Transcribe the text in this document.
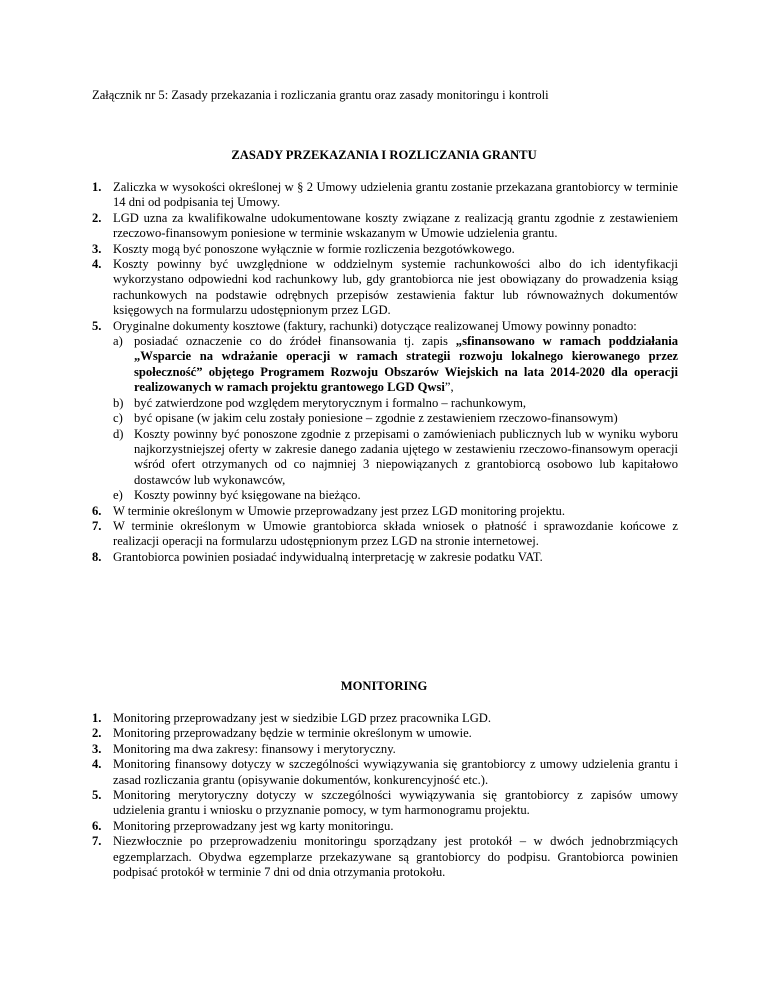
Załącznik nr 5: Zasady przekazania i rozliczania grantu oraz zasady monitoringu i kontroli
ZASADY PRZEKAZANIA I ROZLICZANIA GRANTU
1. Zaliczka w wysokości określonej w § 2 Umowy udzielenia grantu zostanie przekazana grantobiorcy w terminie 14 dni od podpisania tej Umowy.
2. LGD uzna za kwalifikowalne udokumentowane koszty związane z realizacją grantu zgodnie z zestawieniem rzeczowo-finansowym poniesione w terminie wskazanym w Umowie udzielenia grantu.
3. Koszty mogą być ponoszone wyłącznie w formie rozliczenia bezgotówkowego.
4. Koszty powinny być uwzględnione w oddzielnym systemie rachunkowości albo do ich identyfikacji wykorzystano odpowiedni kod rachunkowy lub, gdy grantobiorca nie jest obowiązany do prowadzenia ksiąg rachunkowych na podstawie odrębnych przepisów zestawienia faktur lub równoważnych dokumentów księgowych na formularzu udostępnionym przez LGD.
5. Oryginalne dokumenty kosztowe (faktury, rachunki) dotyczące realizowanej Umowy powinny ponadto:
a) posiadać oznaczenie co do źródeł finansowania tj. zapis „sfinansowano w ramach poddziałania „Wsparcie na wdrażanie operacji w ramach strategii rozwoju lokalnego kierowanego przez społeczność” objętego Programem Rozwoju Obszarów Wiejskich na lata 2014-2020 dla operacji realizowanych w ramach projektu grantowego LGD Qwsi”,
b) być zatwierdzone pod względem merytorycznym i formalno – rachunkowym,
c) być opisane (w jakim celu zostały poniesione – zgodnie z zestawieniem rzeczowo-finansowym)
d) Koszty powinny być ponoszone zgodnie z przepisami o zamówieniach publicznych lub w wyniku wyboru najkorzystniejszej oferty w zakresie danego zadania ujętego w zestawieniu rzeczowo-finansowym operacji wśród ofert otrzymanych od co najmniej 3 niepowiązanych z grantobiorcą osobowo lub kapitałowo dostawców lub wykonawców,
e) Koszty powinny być księgowane na bieżąco.
6. W terminie określonym w Umowie przeprowadzany jest przez LGD monitoring projektu.
7. W terminie określonym w Umowie grantobiorca składa wniosek o płatność i sprawozdanie końcowe z realizacji operacji na formularzu udostępnionym przez LGD na stronie internetowej.
8. Grantobiorca powinien posiadać indywidualną interpretację w zakresie podatku VAT.
MONITORING
1. Monitoring przeprowadzany jest w siedzibie LGD przez pracownika LGD.
2. Monitoring przeprowadzany będzie w terminie określonym w umowie.
3. Monitoring ma dwa zakresy: finansowy i merytoryczny.
4. Monitoring finansowy dotyczy w szczególności wywiązywania się grantobiorcy z umowy udzielenia grantu i zasad rozliczania grantu (opisywanie dokumentów, konkurencyjność etc.).
5. Monitoring merytoryczny dotyczy w szczególności wywiązywania się grantobiorcy z zapisów umowy udzielenia grantu i wniosku o przyznanie pomocy, w tym harmonogramu projektu.
6. Monitoring przeprowadzany jest wg karty monitoringu.
7. Niezwłocznie po przeprowadzeniu monitoringu sporządzany jest protokół – w dwóch jednobrzmiących egzemplarzach. Obydwa egzemplarze przekazywane są grantobiorcy do podpisu. Grantobiorca powinien podpisać protokół w terminie 7 dni od dnia otrzymania protokołu.
